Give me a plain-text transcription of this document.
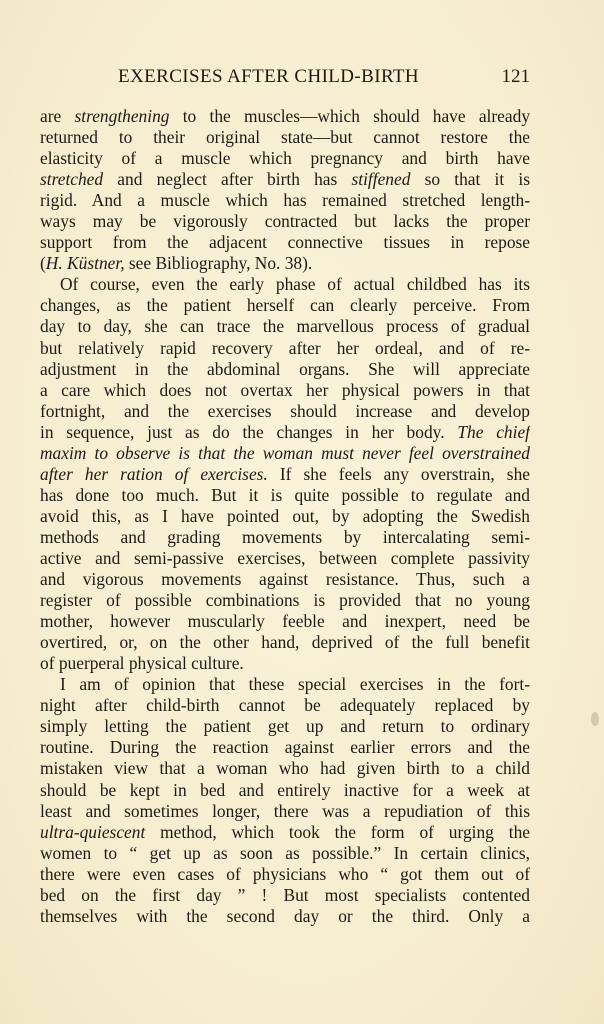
EXERCISES AFTER CHILD-BIRTH	121
are strengthening to the muscles—which should have already
returned to their original state—but cannot restore the
elasticity of a muscle which pregnancy and birth have
stretched and neglect after birth has stiffened so that it is
rigid. And a muscle which has remained stretched length-
ways may be vigorously contracted but lacks the proper
support from the adjacent connective tissues in repose
(H. Küstner, see Bibliography, No. 38).
Of course, even the early phase of actual childbed has its
changes, as the patient herself can clearly perceive. From
day to day, she can trace the marvellous process of gradual
but relatively rapid recovery after her ordeal, and of re-
adjustment in the abdominal organs. She will appreciate
a care which does not overtax her physical powers in that
fortnight, and the exercises should increase and develop
in sequence, just as do the changes in her body. The chief
maxim to observe is that the woman must never feel overstrained
after her ration of exercises. If she feels any overstrain, she
has done too much. But it is quite possible to regulate and
avoid this, as I have pointed out, by adopting the Swedish
methods and grading movements by intercalating semi-
active and semi-passive exercises, between complete passivity
and vigorous movements against resistance. Thus, such a
register of possible combinations is provided that no young
mother, however muscularly feeble and inexpert, need be
overtired, or, on the other hand, deprived of the full benefit
of puerperal physical culture.
I am of opinion that these special exercises in the fort-
night after child-birth cannot be adequately replaced by
simply letting the patient get up and return to ordinary
routine. During the reaction against earlier errors and the
mistaken view that a woman who had given birth to a child
should be kept in bed and entirely inactive for a week at
least and sometimes longer, there was a repudiation of this
ultra-quiescent method, which took the form of urging the
women to “ get up as soon as possible.” In certain clinics,
there were even cases of physicians who “ got them out of
bed on the first day ” ! But most specialists contented
themselves with the second day or the third. Only a
